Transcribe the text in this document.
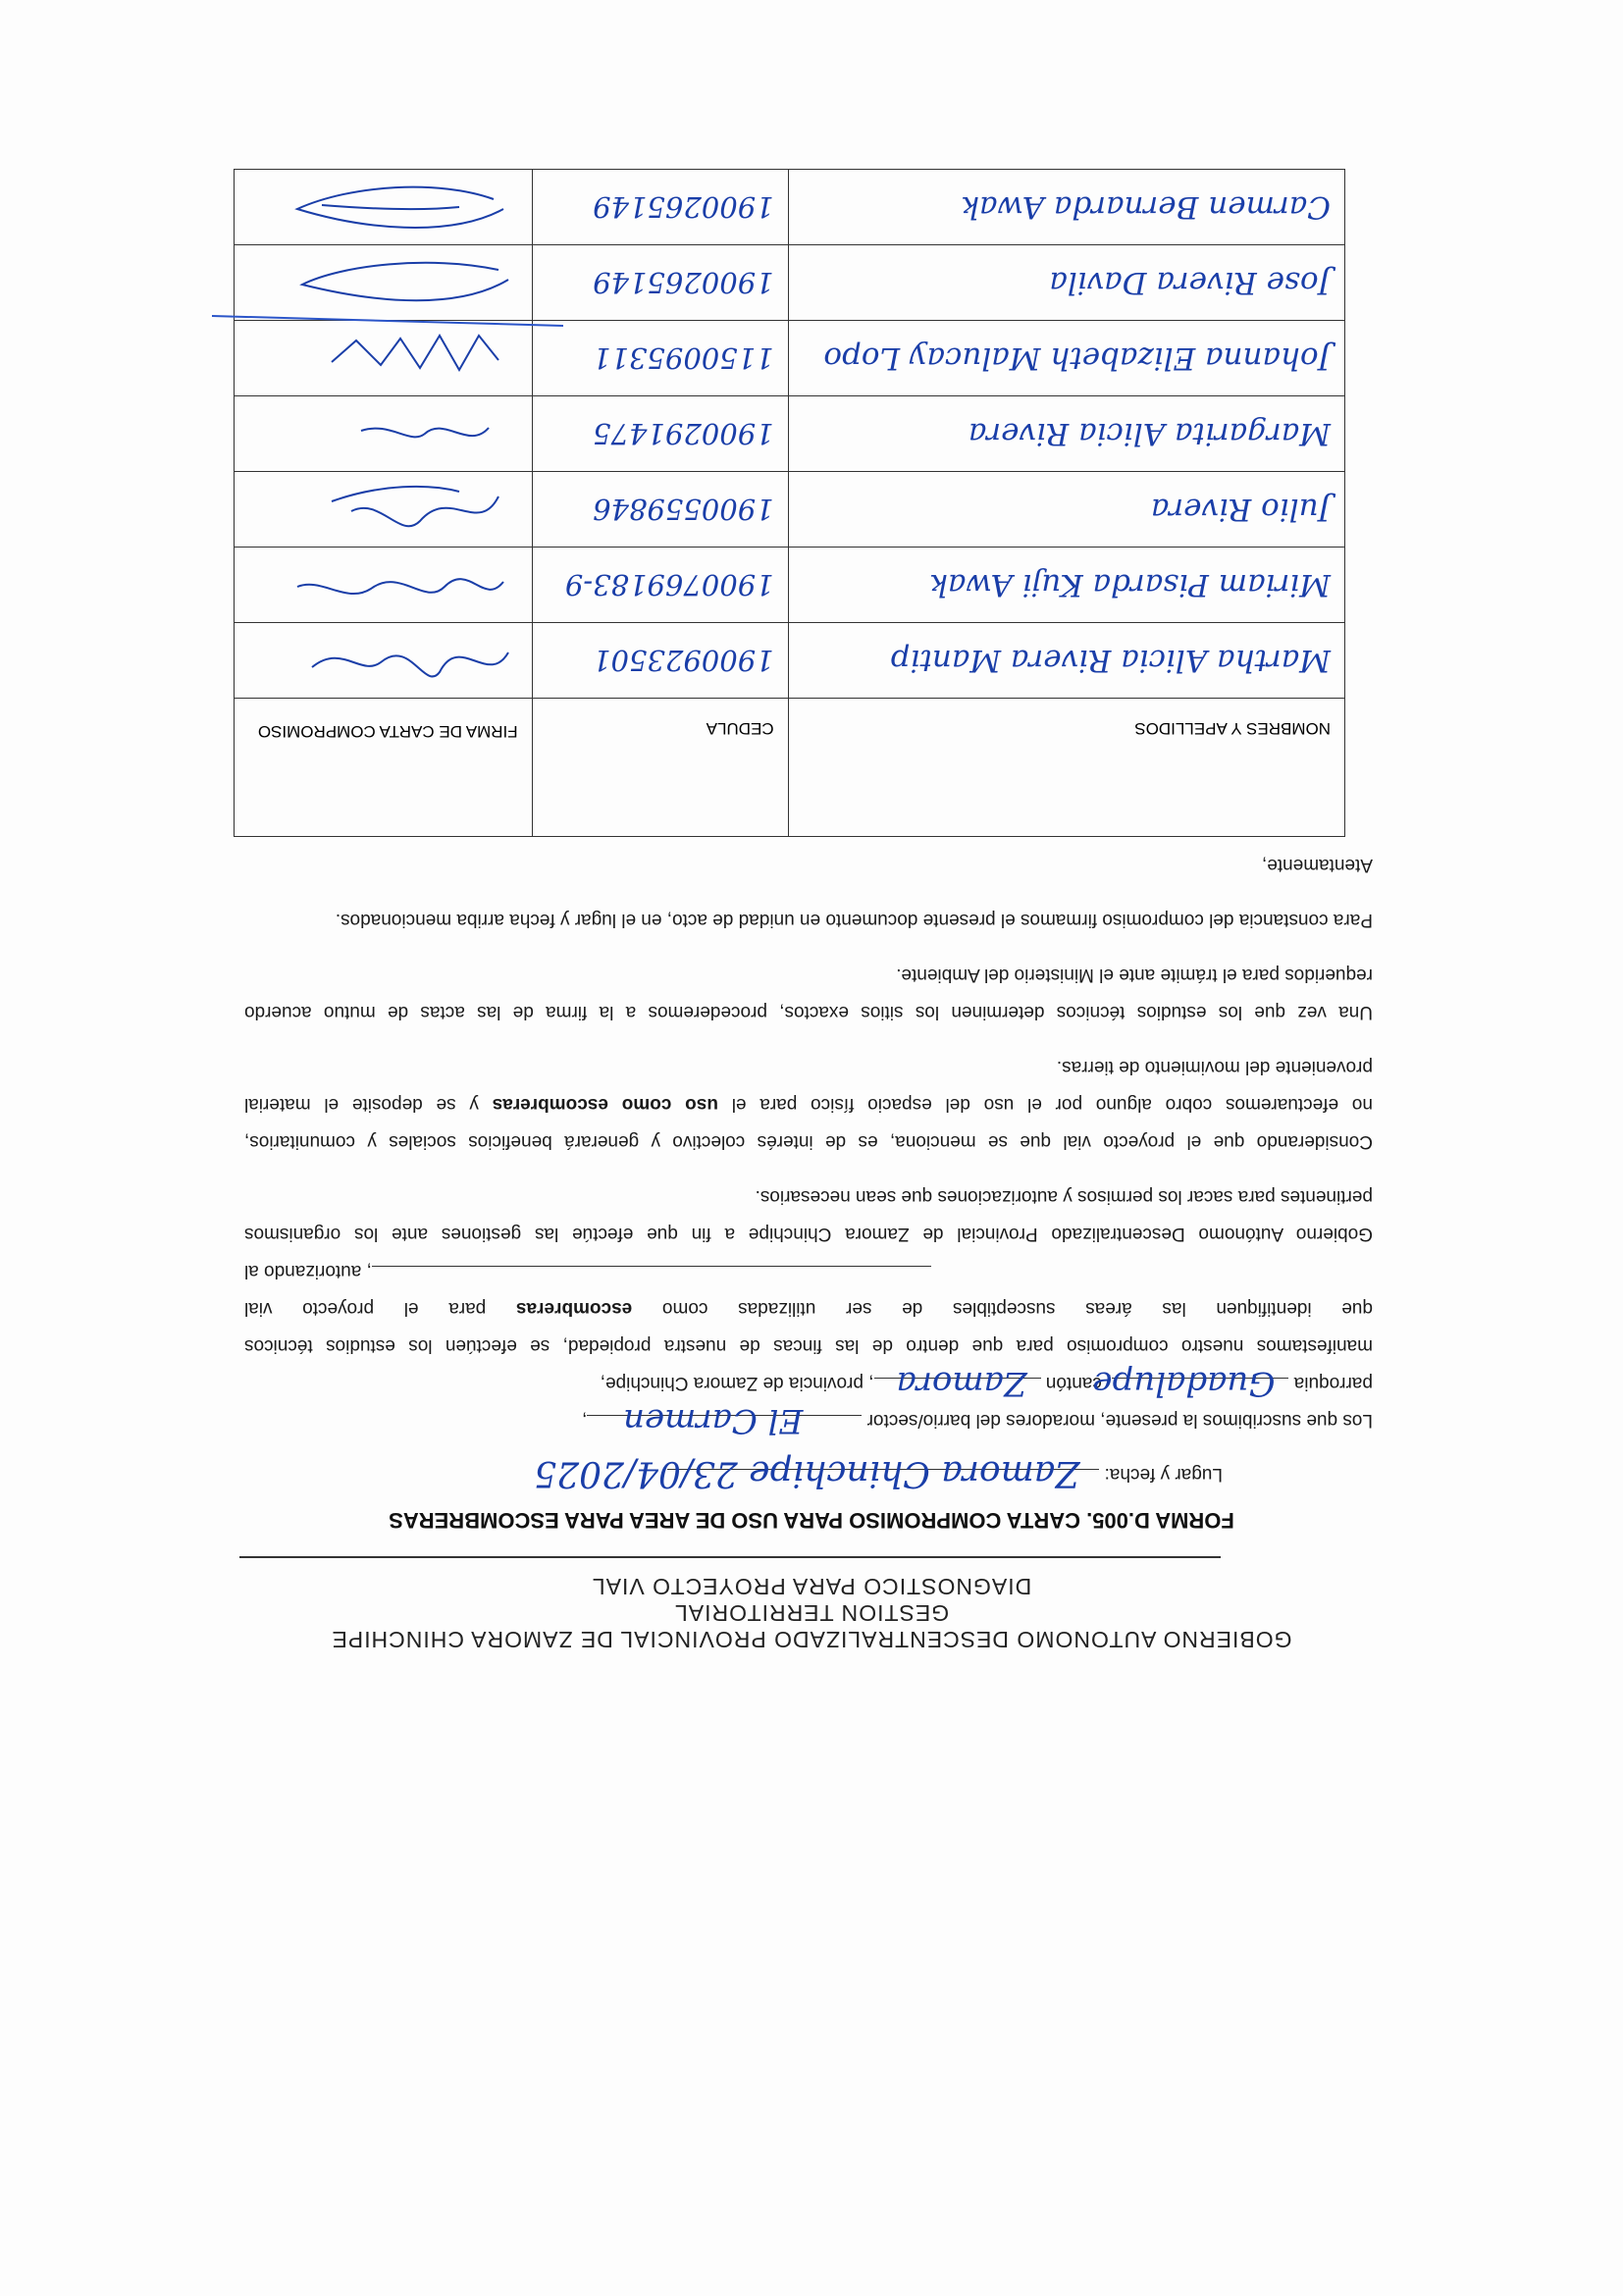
GOBIERNO AUTONOMO DESCENTRALIZADO PROVINCIAL DE ZAMORA CHINCHIPE
GESTION TERRITORIAL
DIAGNOSTICO PARA PROYECTO VIAL
FORMA D.005. CARTA COMPROMISO PARA USO DE AREA PARA ESCOMBRERAS
Lugar y fecha:
Zamora Chinchipe 23/04/2025
Los que suscribimos la presente, moradores del barrio/sector
El Carmen
,
parroquia
Guadalupe
, cantón
Zamora
, provincia de Zamora Chinchipe,
manifestamos nuestro compromiso para que dentro de las fincas de nuestra propiedad, se efectúen los estudios técnicos
que identifiquen las áreas susceptibles de ser utilizadas como escombreras para el proyecto vial
, autorizando al
Gobierno Autónomo Descentralizado Provincial de Zamora Chinchipe a fin que efectúe las gestiones ante los organismos
pertinentes para sacar los permisos y autorizaciones que sean necesarios.
Considerando que el proyecto vial que se menciona, es de interés colectivo y generará beneficios sociales y comunitarios,
no efectuaremos cobro alguno por el uso del espacio físico para el uso como escombreras y se deposite el material
proveniente del movimiento de tierras.
Una vez que los estudios técnicos determinen los sitios exactos, procederemos a la firma de las actas de mutuo acuerdo
requeridos para el trámite ante el Ministerio del Ambiente.
Para constancia del compromiso firmamos el presente documento en unidad de acto, en el lugar y fecha arriba mencionados.
Atentamente,
NOMBRES Y APELLIDOS	CEDULA	FIRMA DE CARTA COMPROMISO
Martha Alicia Rivera Mantip	1900923501	

Miriam Pisarda Kuji Awak	1900769183-9	

Julio Rivera	1900559846	

Margarita Alicia Rivera	1900291475	

Johanna Elizabeth Malucay Lopo	1150095311	

Jose Rivera Davila	1900265149	

Carmen Bernarda Awak	1900265149	
